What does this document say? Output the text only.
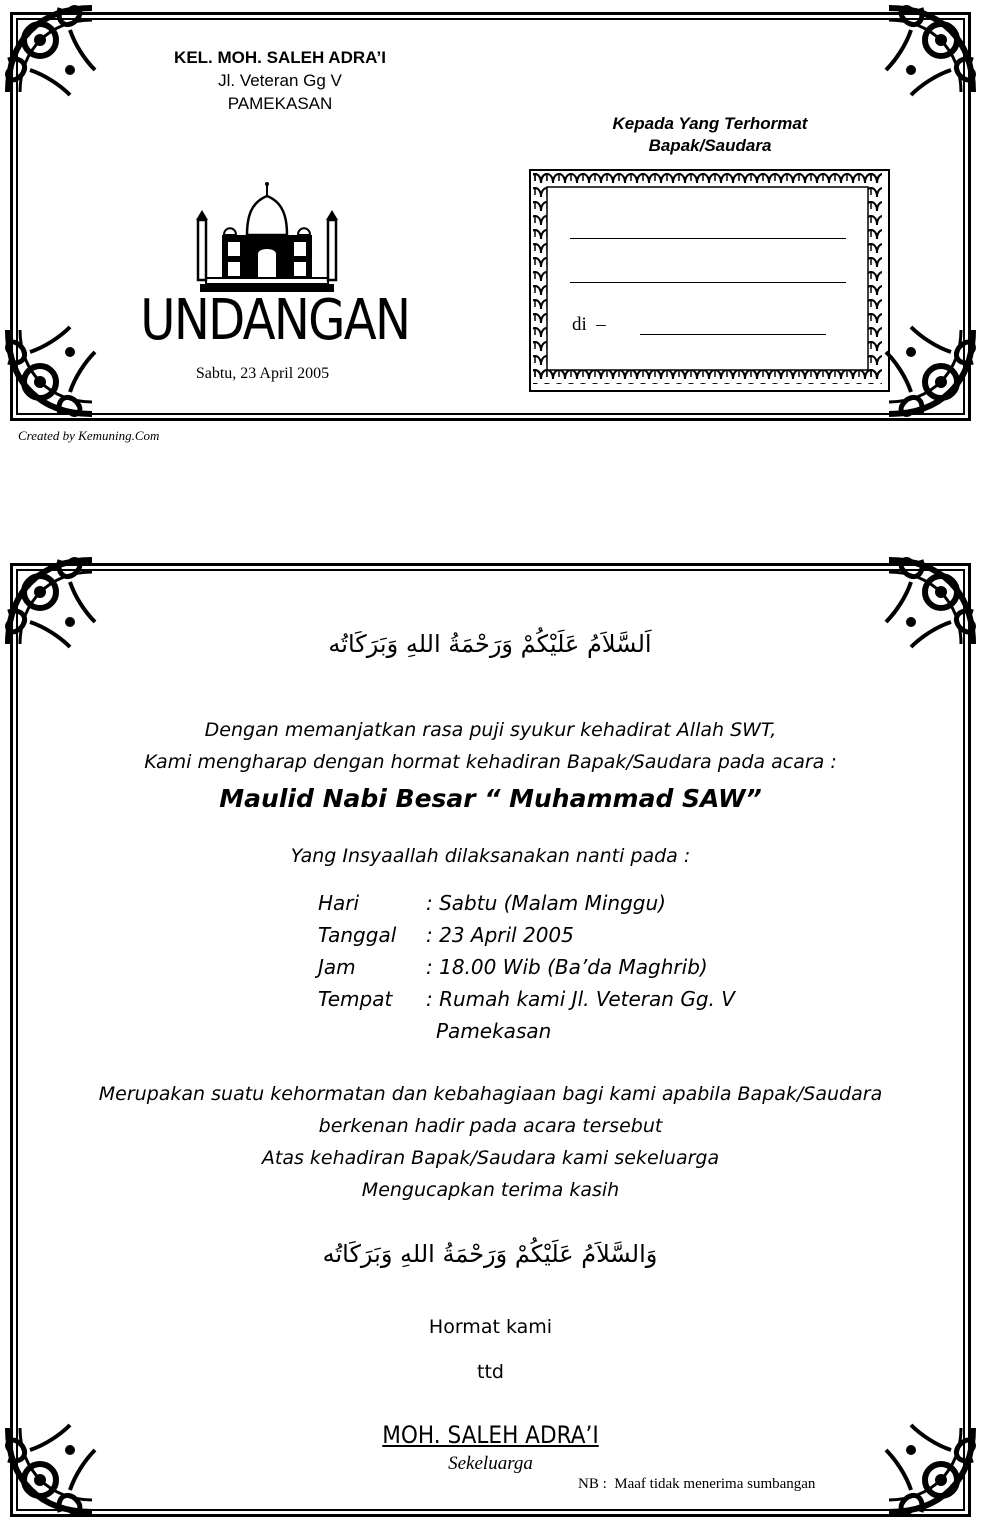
KEL. MOH. SALEH ADRA’I
Jl. Veteran Gg V
PAMEKASAN
UNDANGAN
Sabtu, 23 April 2005
Kepada Yang Terhormat
Bapak/Saudara
di  –
Created by Kemuning.Com
اَلسَّلاَمُ عَلَيْكُمْ وَرَحْمَةُ اللهِ وَبَرَكَاتُه
Dengan memanjatkan rasa puji syukur kehadirat Allah SWT,
Kami mengharap dengan hormat kehadiran Bapak/Saudara pada acara :
Maulid Nabi Besar “ Muhammad SAW”
Yang Insyaallah dilaksanakan nanti pada :
Hari	: Sabtu (Malam Minggu)
Tanggal : 23 April 2005
Jam	: 18.00 Wib (Ba’da Maghrib)
Tempat : Rumah kami Jl. Veteran Gg. V
Pamekasan
Merupakan suatu kehormatan dan kebahagiaan bagi kami apabila Bapak/Saudara
berkenan hadir pada acara tersebut
Atas kehadiran Bapak/Saudara kami sekeluarga
Mengucapkan terima kasih
وَالسَّلاَمُ عَلَيْكُمْ وَرَحْمَةُ اللهِ وَبَرَكَاتُه
Hormat kami
ttd
MOH. SALEH ADRA’I
Sekeluarga
NB :  Maaf tidak menerima sumbangan
